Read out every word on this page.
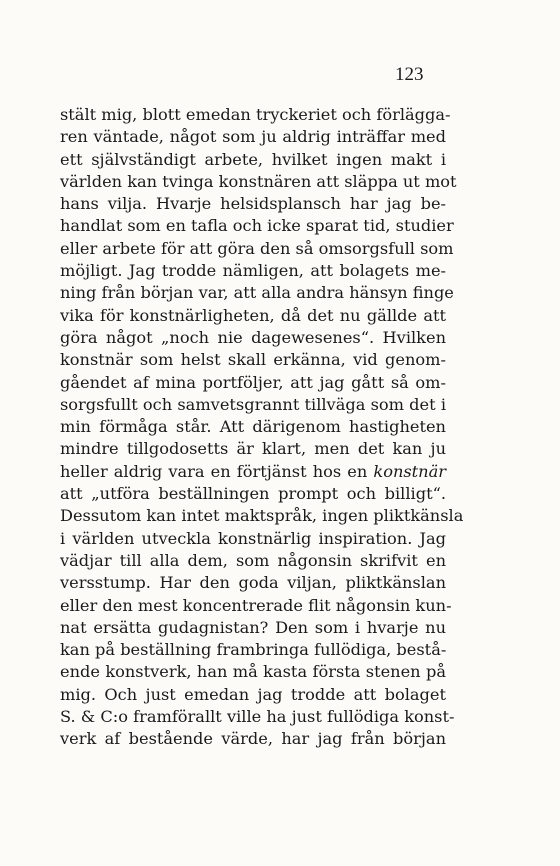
123
stält mig, blott emedan tryckeriet och förlägga-
ren väntade, något som ju aldrig inträffar med
ett självständigt arbete, hvilket ingen makt i
världen kan tvinga konstnären att släppa ut mot
hans vilja. Hvarje helsidsplansch har jag be-
handlat som en tafla och icke sparat tid, studier
eller arbete för att göra den så omsorgsfull som
möjligt. Jag trodde nämligen, att bolagets me-
ning från början var, att alla andra hänsyn finge
vika för konstnärligheten, då det nu gällde att
göra något „noch nie dagewesenes“. Hvilken
konstnär som helst skall erkänna, vid genom-
gåendet af mina portföljer, att jag gått så om-
sorgsfullt och samvetsgrannt tillväga som det i
min förmåga står. Att därigenom hastigheten
mindre tillgodosetts är klart, men det kan ju
heller aldrig vara en förtjänst hos en konstnär
att „utföra beställningen prompt och billigt“.
Dessutom kan intet maktspråk, ingen pliktkänsla
i världen utveckla konstnärlig inspiration. Jag
vädjar till alla dem, som någonsin skrifvit en
versstump. Har den goda viljan, pliktkänslan
eller den mest koncentrerade flit någonsin kun-
nat ersätta gudagnistan? Den som i hvarje nu
kan på beställning frambringa fullödiga, bestå-
ende konstverk, han må kasta första stenen på
mig. Och just emedan jag trodde att bolaget
S. & C:o framförallt ville ha just fullödiga konst-
verk af bestående värde, har jag från början
